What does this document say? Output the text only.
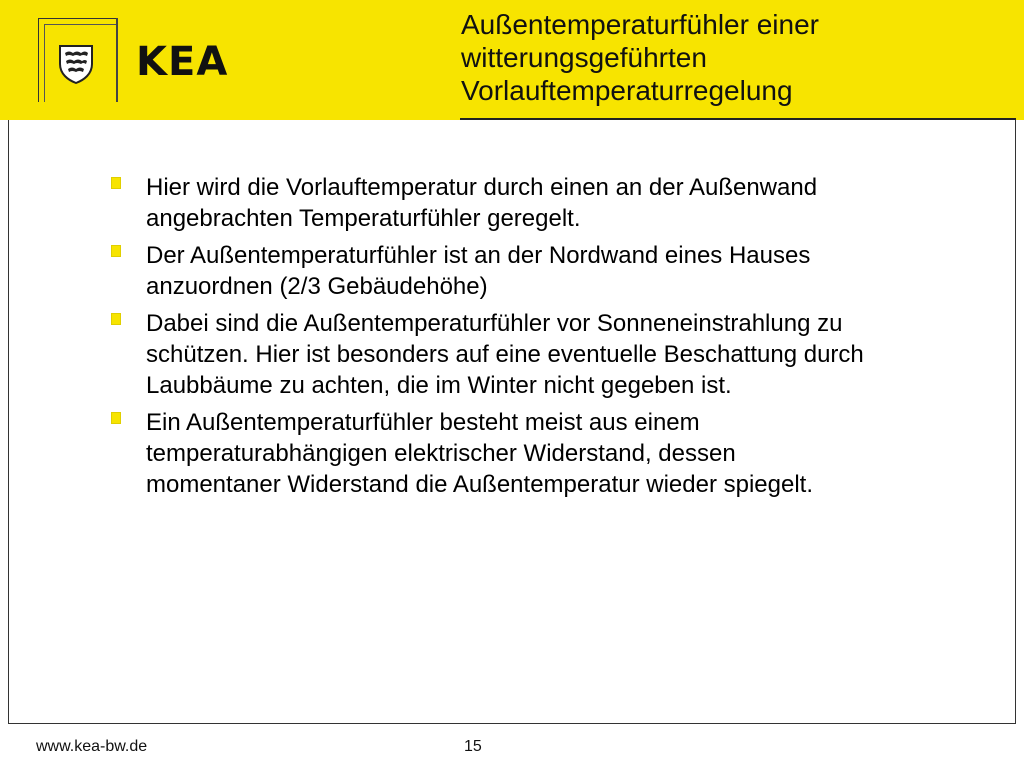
KEA
Außentemperaturfühler einer witterungsgeführten Vorlauftemperaturregelung
Hier wird die Vorlauftemperatur durch einen an der Außenwand angebrachten Temperaturfühler geregelt.
Der Außentemperaturfühler ist an der Nordwand eines Hauses anzuordnen (2/3 Gebäudehöhe)
Dabei sind die Außentemperaturfühler vor Sonneneinstrahlung zu schützen. Hier ist besonders auf eine eventuelle Beschattung durch Laubbäume zu achten, die im Winter nicht gegeben ist.
Ein Außentemperaturfühler besteht meist aus einem temperaturabhängigen elektrischer Widerstand, dessen momentaner Widerstand die Außentemperatur wieder spiegelt.
www.kea-bw.de	15
